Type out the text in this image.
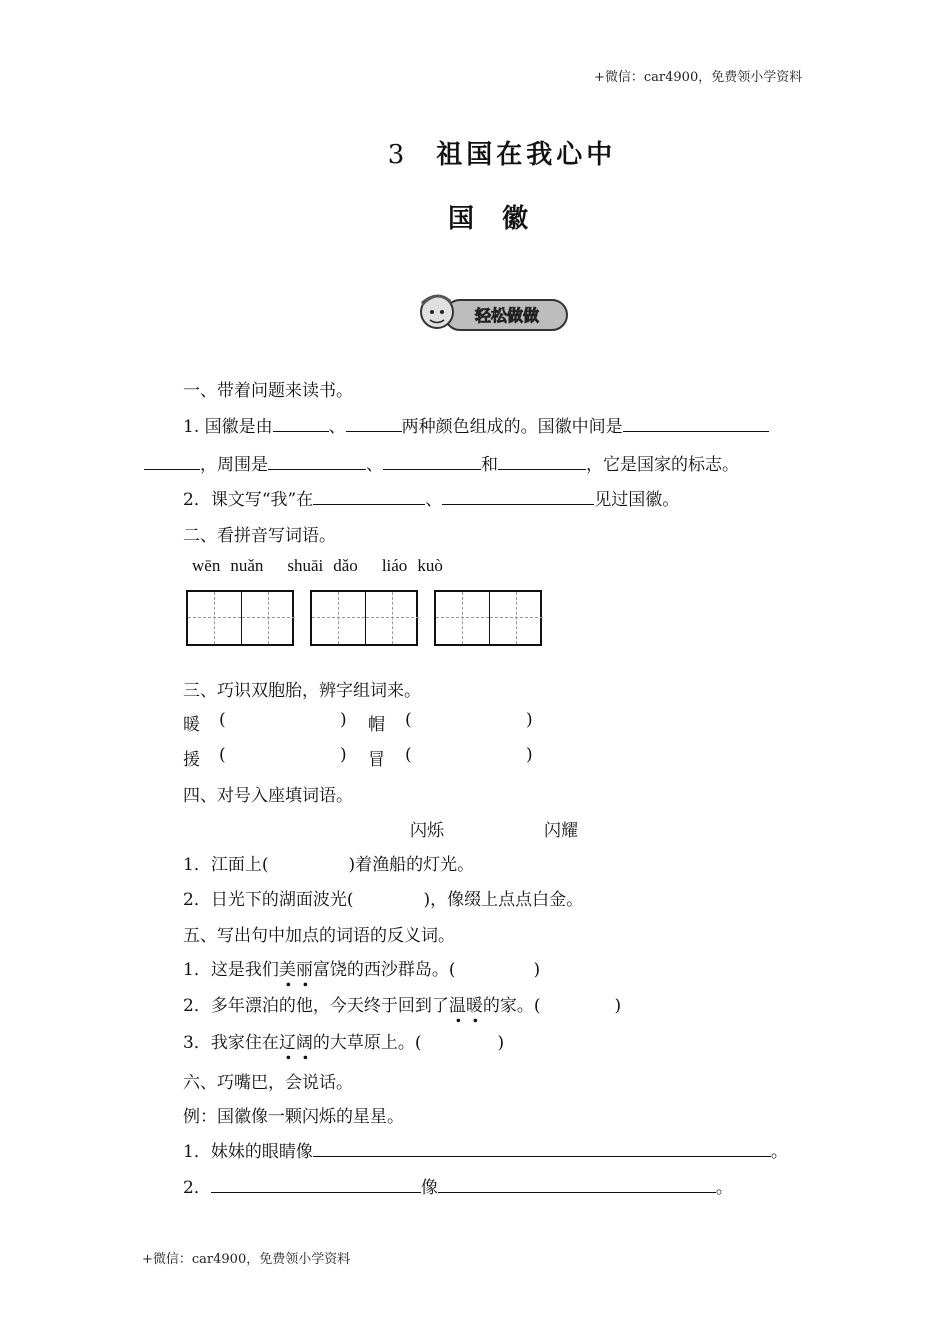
+微信：car4900，免费领小学资料
+微信：car4900，免费领小学资料
3 祖国在我心中
国徽
轻松做做
一、带着问题来读书。
1. 国徽是由	、	两种颜色组成的。国徽中间是
，周围是	、	和	，它是国家的标志。
2．课文写“我”在	、	见过国徽。
二、看拼音写词语。
wēn nuǎn shuāi dǎo liáo kuò
三、巧识双胞胎，辨字组词来。
暖 (	) 帽 (	)
援 (	) 冒 (	)
四、对号入座填词语。
闪烁	闪耀
1．江面上(	)着渔船的灯光。
2．日光下的湖面波光(	)，像缀上点点白金。
五、写出句中加点的词语的反义词。
1．这是我们美丽富饶的西沙群岛。(	)
2．多年漂泊的他，今天终于回到了温暖的家。(	)
3．我家住在辽阔的大草原上。(	)
六、巧嘴巴，会说话。
例：国徽像一颗闪烁的星星。
1．妹妹的眼睛像	。
2．	像	。
